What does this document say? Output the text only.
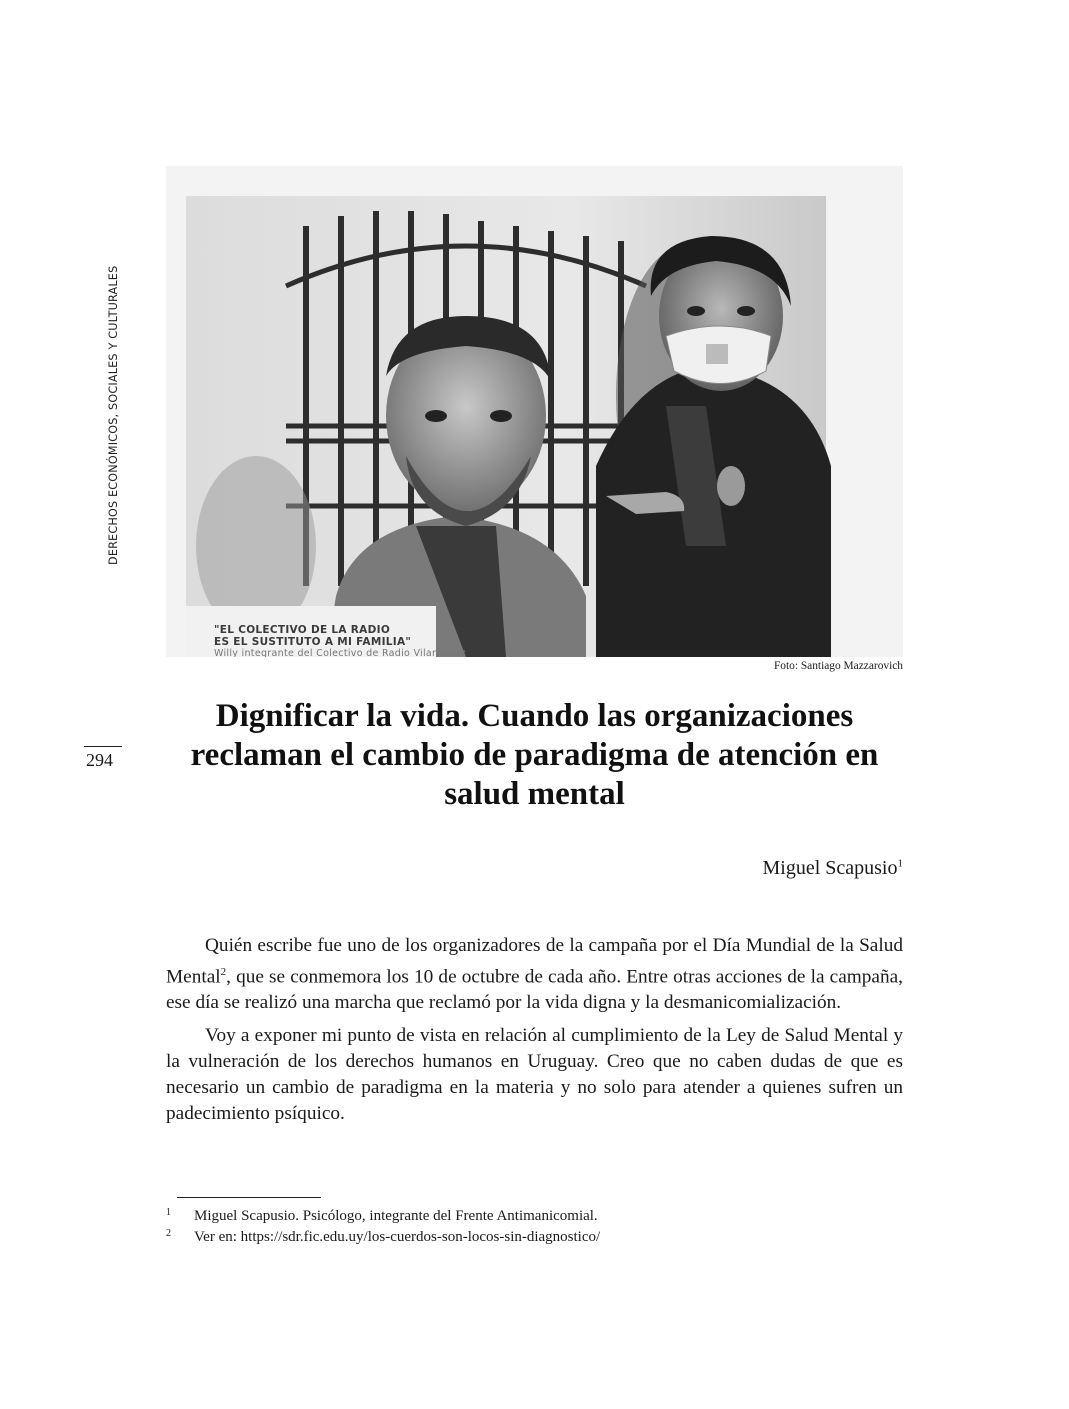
DERECHOS ECONÓMICOS, SOCIALES Y CULTURALES
294
"EL COLECTIVO DE LA RADIO
ES EL SUSTITUTO A MI FAMILIA"
Willy integrante del Colectivo de Radio Vilardevoz
Foto: Santiago Mazzarovich
Dignificar la vida. Cuando las organizaciones reclaman el cambio de paradigma de atención en salud mental
Miguel Scapusio$^1$

Quién escribe fue uno de los organizadores de la campaña por el Día Mundial de la Salud Mental$^2$, que se conmemora los 10 de octubre de cada año. Entre otras acciones de la campaña, ese día se realizó una marcha que reclamó por la vida digna y la desmanicomialización.

Voy a exponer mi punto de vista en relación al cumplimiento de la Ley de Salud Mental y la vulneración de los derechos humanos en Uruguay. Creo que no caben dudas de que es necesario un cambio de paradigma en la materia y no solo para atender a quienes sufren un padecimiento psíquico.

1	Miguel Scapusio. Psicólogo, integrante del Frente Antimanicomial.
2	Ver en: https://sdr.fic.edu.uy/los-cuerdos-son-locos-sin-diagnostico/
